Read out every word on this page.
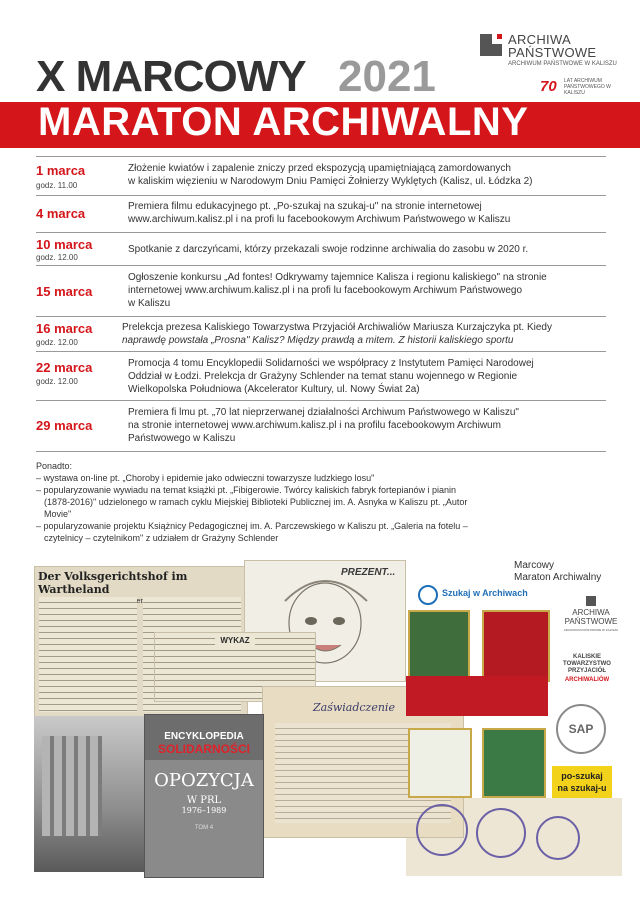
ARCHIWA
PAŃSTWOWE
ARCHIWUM PAŃSTWOWE W KALISZU
70 LAT ARCHIWUM PAŃSTWOWEGO W KALISZU
X MARCOWY 2021
MARATON ARCHIWALNY
1 marca
godz. 11.00
Złożenie kwiatów i zapalenie zniczy przed ekspozycją upamiętniającą zamordowanych
w kaliskim więzieniu w Narodowym Dniu Pamięci Żołnierzy Wyklętych (Kalisz, ul. Łódzka 2)
4 marca	Premiera filmu edukacyjnego pt. „Po-szukaj na szukaj-u" na stronie internetowej
www.archiwum.kalisz.pl i na profi lu facebookowym Archiwum Państwowego w Kaliszu
10 marca
godz. 12.00
Spotkanie z darczyńcami, którzy przekazali swoje rodzinne archiwalia do zasobu w 2020 r.
15 marca
Ogłoszenie konkursu „Ad fontes! Odkrywamy tajemnice Kalisza i regionu kaliskiego" na stronie
internetowej www.archiwum.kalisz.pl i na profi lu facebookowym Archiwum Państwowego
w Kaliszu
16 marca
godz. 12.00
Prelekcja prezesa Kaliskiego Towarzystwa Przyjaciół Archiwaliów Mariusza Kurzajczyka pt. Kiedy
naprawdę powstała „Prosna" Kalisz? Między prawdą a mitem. Z historii kaliskiego sportu
22 marca
godz. 12.00
Promocja 4 tomu Encyklopedii Solidarności we współpracy z Instytutem Pamięci Narodowej
Oddział w Łodzi. Prelekcja dr Grażyny Schlender na temat stanu wojennego w Regionie
Wielkopolska Południowa (Akcelerator Kultury, ul. Nowy Świat 2a)
29 marca
Premiera fi lmu pt. „70 lat nieprzerwanej działalności Archiwum Państwowego w Kaliszu"
na stronie internetowej www.archiwum.kalisz.pl i na profilu facebookowym Archiwum
Państwowego w Kaliszu

Ponadto:

– wystawa on-line pt. „Choroby i epidemie jako odwieczni towarzysze ludzkiego losu"

– popularyzowanie wywiadu na temat książki pt. „Fibigerowie. Twórcy kaliskich fabryk fortepianów i pianin

(1878-2016)" udzielonego w ramach cyklu Miejskiej Biblioteki Publicznej im. A. Asnyka w Kaliszu pt. „Autor

Movie"

– popularyzowanie projektu Książnicy Pedagogicznej im. A. Parczewskiego w Kaliszu pt. „Galeria na fotelu –

czytelnicy – czytelnikom" z udziałem dr Grażyny Schlender

Der Volksgerichtshof im Wartheland
PREZENT...
WYKAZ
Zaświadczenie
ENCYKLOPEDIA
SOLIDARNOŚCI
OPOZYCJA
W PRL
1976–1989
TOM 4
Szukaj w Archiwach
Marcowy
Maraton Archiwalny
ARCHIWA
PAŃSTWOWE
ARCHIWUM PAŃSTWOWE W KALISZU
KALISKIE
TOWARZYSTWO
PRZYJACIÓŁ
ARCHIWALIÓW
SAP
po-szukaj
na szukaj-u
